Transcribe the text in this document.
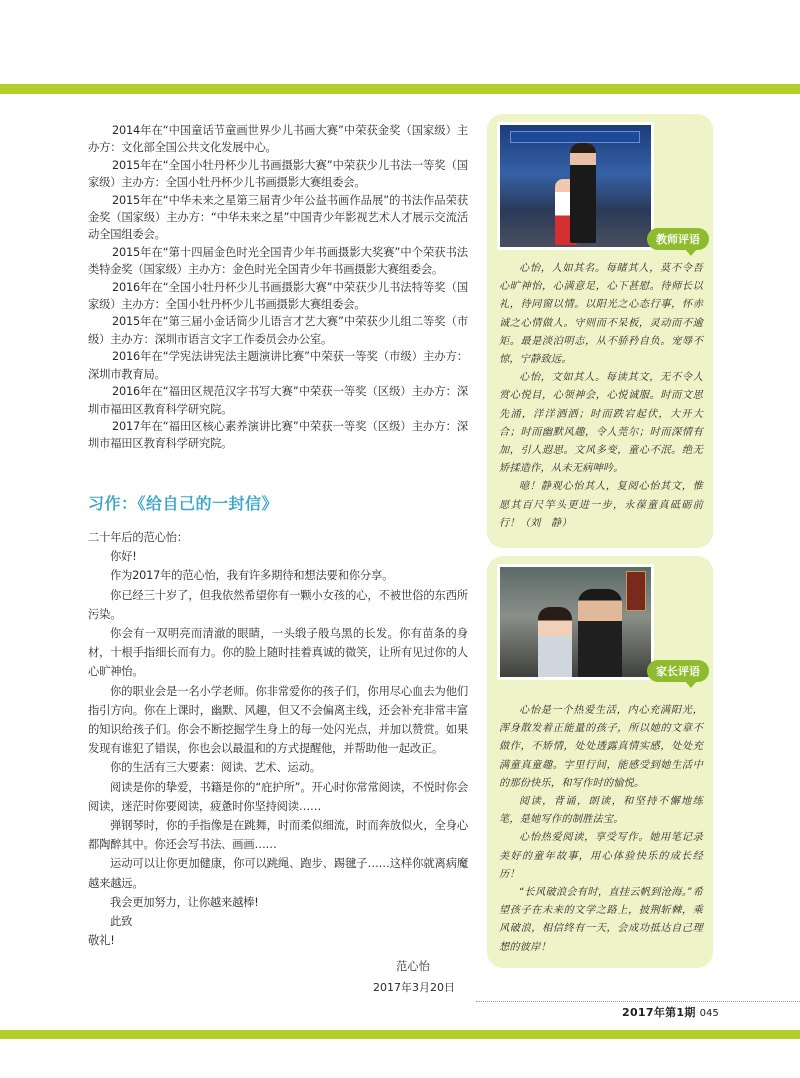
2014年在“中国童话节童画世界少儿书画大赛”中荣获金奖（国家级）主办方：文化部全国公共文化发展中心。

2015年在“全国小牡丹杯少儿书画摄影大赛”中荣获少儿书法一等奖（国家级）主办方：全国小牡丹杯少儿书画摄影大赛组委会。

2015年在“中华未来之星第三届青少年公益书画作品展”的书法作品荣获金奖（国家级）主办方：“中华未来之星”中国青少年影视艺术人才展示交流活动全国组委会。

2015年在“第十四届金色时光全国青少年书画摄影大奖赛”中个荣获书法类特金奖（国家级）主办方：金色时光全国青少年书画摄影大赛组委会。

2016年在“全国小牡丹杯少儿书画摄影大赛”中荣获少儿书法特等奖（国家级）主办方：全国小牡丹杯少儿书画摄影大赛组委会。

2015年在“第三届小金话筒少儿语言才艺大赛”中荣获少儿组二等奖（市级）主办方：深圳市语言文字工作委员会办公室。

2016年在“学宪法讲宪法主题演讲比赛”中荣获一等奖（市级）主办方：深圳市教育局。

2016年在“福田区规范汉字书写大赛”中荣获一等奖（区级）主办方：深圳市福田区教育科学研究院。

2017年在“福田区核心素养演讲比赛”中荣获一等奖（区级）主办方：深圳市福田区教育科学研究院。

习作：《给自己的一封信》

二十年后的范心怡：

你好!

作为2017年的范心怡，我有许多期待和想法要和你分享。

你已经三十岁了，但我依然希望你有一颗小女孩的心，不被世俗的东西所污染。

你会有一双明亮而清澈的眼睛，一头缎子般乌黑的长发。你有苗条的身材，十根手指细长而有力。你的脸上随时挂着真诚的微笑，让所有见过你的人心旷神怡。

你的职业会是一名小学老师。你非常爱你的孩子们，你用尽心血去为他们指引方向。你在上课时，幽默、风趣，但又不会偏离主线，还会补充非常丰富的知识给孩子们。你会不断挖掘学生身上的每一处闪光点，并加以赞赏。如果发现有谁犯了错误，你也会以最温和的方式提醒他，并帮助他一起改正。

你的生活有三大要素：阅读、艺术、运动。

阅读是你的挚爱，书籍是你的“庇护所”。开心时你常常阅读，不悦时你会阅读，迷茫时你要阅读，疲惫时你坚持阅读……

弹钢琴时，你的手指像是在跳舞，时而柔似细流，时而奔放似火，全身心都陶醉其中。你还会写书法、画画……

运动可以让你更加健康，你可以跳绳、跑步、踢毽子……这样你就离病魔越来越远。

我会更加努力，让你越来越棒!

此致

敬礼!

范心怡
2017年3月20日
教师评语

心怡，人如其名。每睹其人，莫不令吾心旷神怡，心满意足，心下甚慰。待师长以礼，待同窗以情。以阳光之心态行事，怀赤诚之心情做人。守则而不呆板，灵动而不逾矩。最是淡泊明志，从不骄矜自负。宠辱不惊，宁静致远。

心怡，文如其人。每读其文，无不令人赏心悦目，心领神会，心悦诚服。时而文思先涌，洋洋洒洒；时而跌宕起伏，大开大合；时而幽默风趣，令人莞尔；时而深情有加，引人遐思。文风多变，童心不泯。绝无矫揉造作，从未无病呻吟。

噫！静观心怡其人，复阅心怡其文，惟愿其百尺竿头更进一步，永葆童真砥砺前行！（刘　静）

家长评语

心怡是一个热爱生活，内心充满阳光，浑身散发着正能量的孩子，所以她的文章不做作，不矫情，处处透露真情实感，处处充满童真童趣。字里行间，能感受到她生活中的那份快乐，和写作时的愉悦。

阅读，背诵，朗读，和坚持不懈地练笔，是她写作的制胜法宝。

心怡热爱阅读，享受写作。她用笔记录美好的童年故事，用心体验快乐的成长经历！

“长风破浪会有时，直挂云帆到沧海。”希望孩子在未来的文学之路上，披荆斩棘，乘风破浪，相信终有一天，会成功抵达自己理想的彼岸！

2017年第1期 045
